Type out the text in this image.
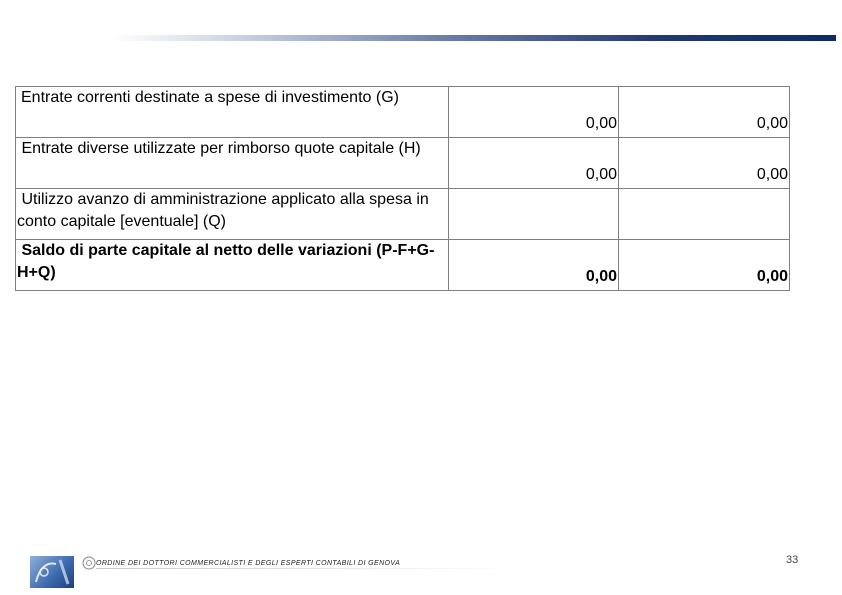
Entrate correnti destinate a spese di investimento (G)	0,00	0,00
Entrate diverse utilizzate per rimborso quote capitale (H)	0,00	0,00
Utilizzo avanzo di amministrazione applicato alla spesa in conto capitale [eventuale] (Q)		
Saldo di parte capitale al netto delle variazioni (P-F+G-H+Q)	0,00	0,00
ORDINE DEI DOTTORI COMMERCIALISTI E DEGLI ESPERTI CONTABILI DI GENOVA	33
